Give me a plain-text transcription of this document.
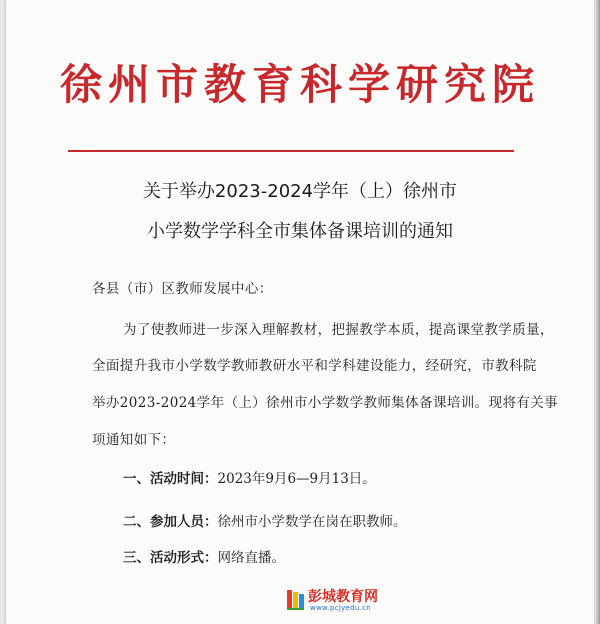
徐州市教育科学研究院
关于举办2023-2024学年（上）徐州市
小学数学学科全市集体备课培训的通知
各县（市）区教师发展中心：
为了使教师进一步深入理解教材，把握教学本质，提高课堂教学质量，
全面提升我市小学数学教师教研水平和学科建设能力，经研究，市教科院
举办2023-2024学年（上）徐州市小学数学教师集体备课培训。现将有关事
项通知如下：
一、活动时间：2023年9月6—9月13日。
二、参加人员：徐州市小学数学在岗在职教师。
三、活动形式：网络直播。
彭城教育网
www.pcjyedu.cn
